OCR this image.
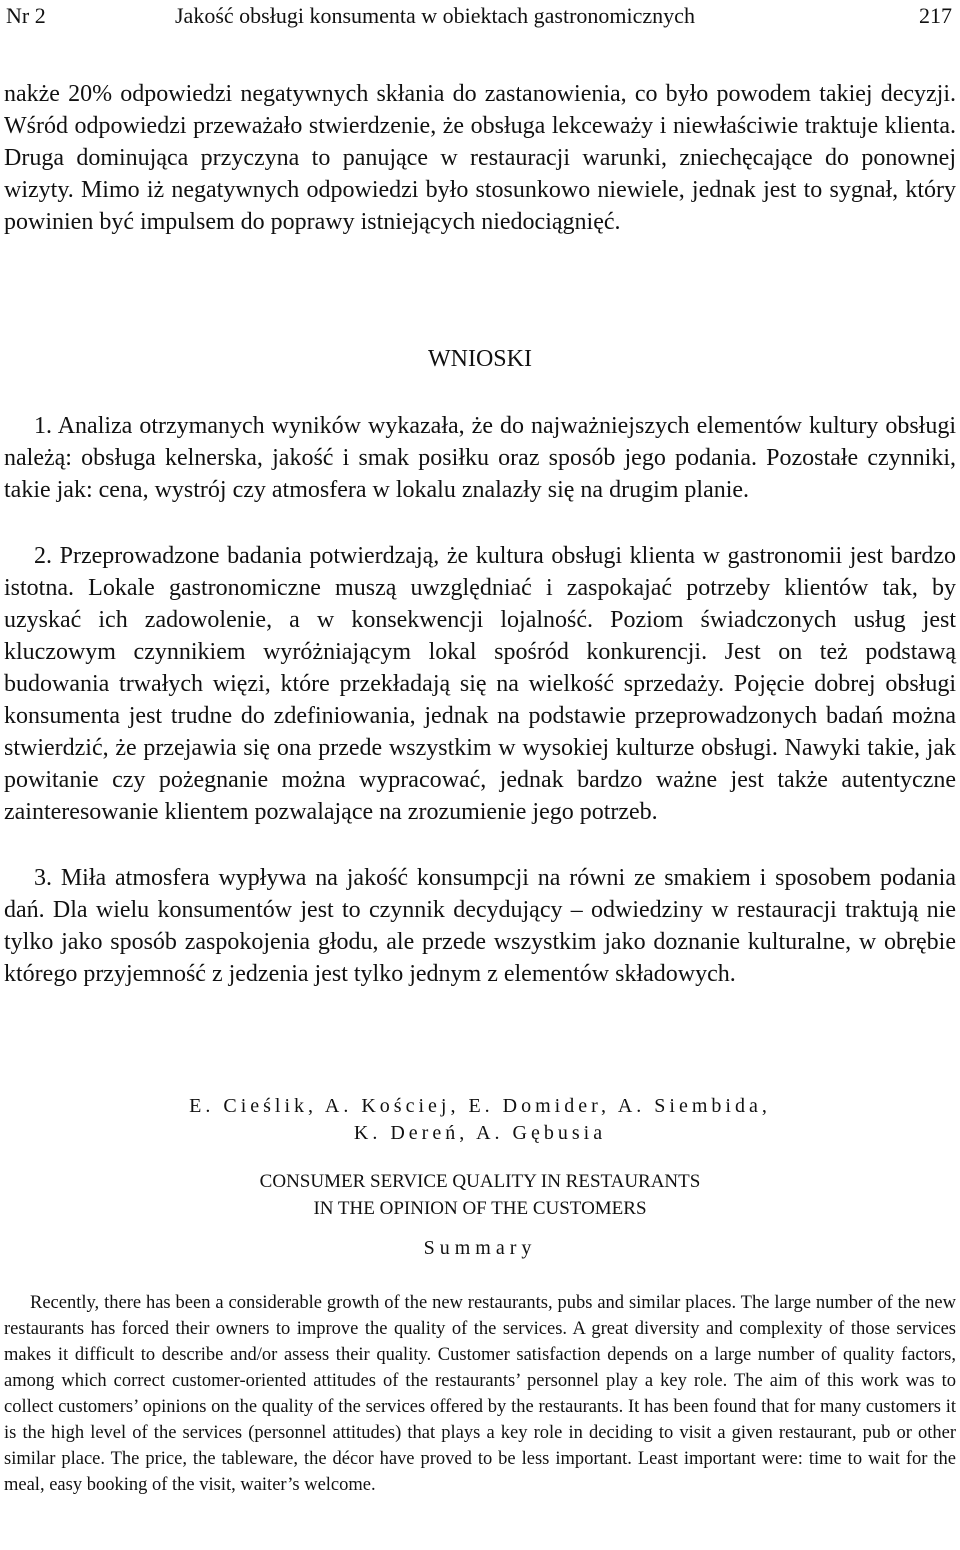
Nr 2	Jakość obsługi konsumenta w obiektach gastronomicznych	217

nakże 20% odpowiedzi negatywnych skłania do zastanowienia, co było powodem takiej decyzji. Wśród odpowiedzi przeważało stwierdzenie, że obsługa lekceważy i niewłaściwie traktuje klienta. Druga dominująca przyczyna to panujące w restauracji warunki, zniechęcające do ponownej wizyty. Mimo iż negatywnych odpowiedzi było stosunkowo niewiele, jednak jest to sygnał, który powinien być impulsem do poprawy istniejących niedociągnięć.

WNIOSKI

1. Analiza otrzymanych wyników wykazała, że do najważniejszych elementów kultury obsługi należą: obsługa kelnerska, jakość i smak posiłku oraz sposób jego podania. Pozostałe czynniki, takie jak: cena, wystrój czy atmosfera w lokalu znalazły się na drugim planie.

2. Przeprowadzone badania potwierdzają, że kultura obsługi klienta w gastronomii jest bardzo istotna. Lokale gastronomiczne muszą uwzględniać i zaspokajać potrzeby klientów tak, by uzyskać ich zadowolenie, a w konsekwencji lojalność. Poziom świadczonych usług jest kluczowym czynnikiem wyróżniającym lokal spośród konkurencji. Jest on też podstawą budowania trwałych więzi, które przekładają się na wielkość sprzedaży. Pojęcie dobrej obsługi konsumenta jest trudne do zdefiniowania, jednak na podstawie przeprowadzonych badań można stwierdzić, że przejawia się ona przede wszystkim w wysokiej kulturze obsługi. Nawyki takie, jak powitanie czy pożegnanie można wypracować, jednak bardzo ważne jest także autentyczne zainteresowanie klientem pozwalające na zrozumienie jego potrzeb.

3. Miła atmosfera wypływa na jakość konsumpcji na równi ze smakiem i sposobem podania dań. Dla wielu konsumentów jest to czynnik decydujący – odwiedziny w restauracji traktują nie tylko jako sposób zaspokojenia głodu, ale przede wszystkim jako doznanie kulturalne, w obrębie którego przyjemność z jedzenia jest tylko jednym z elementów składowych.

E. Cieślik, A. Kościej, E. Domider, A. Siembida,
K. Dereń, A. Gębusia
CONSUMER SERVICE QUALITY IN RESTAURANTS
IN THE OPINION OF THE CUSTOMERS
Summary

Recently, there has been a considerable growth of the new restaurants, pubs and similar places. The large number of the new restaurants has forced their owners to improve the quality of the services. A great diversity and complexity of those services makes it difficult to describe and/or assess their quality. Customer satisfaction depends on a large number of quality factors, among which correct customer-oriented attitudes of the restaurants’ personnel play a key role. The aim of this work was to collect customers’ opinions on the quality of the services offered by the restaurants. It has been found that for many customers it is the high level of the services (personnel attitudes) that plays a key role in deciding to visit a given restaurant, pub or other similar place. The price, the tableware, the décor have proved to be less important. Least important were: time to wait for the meal, easy booking of the visit, waiter’s welcome.
